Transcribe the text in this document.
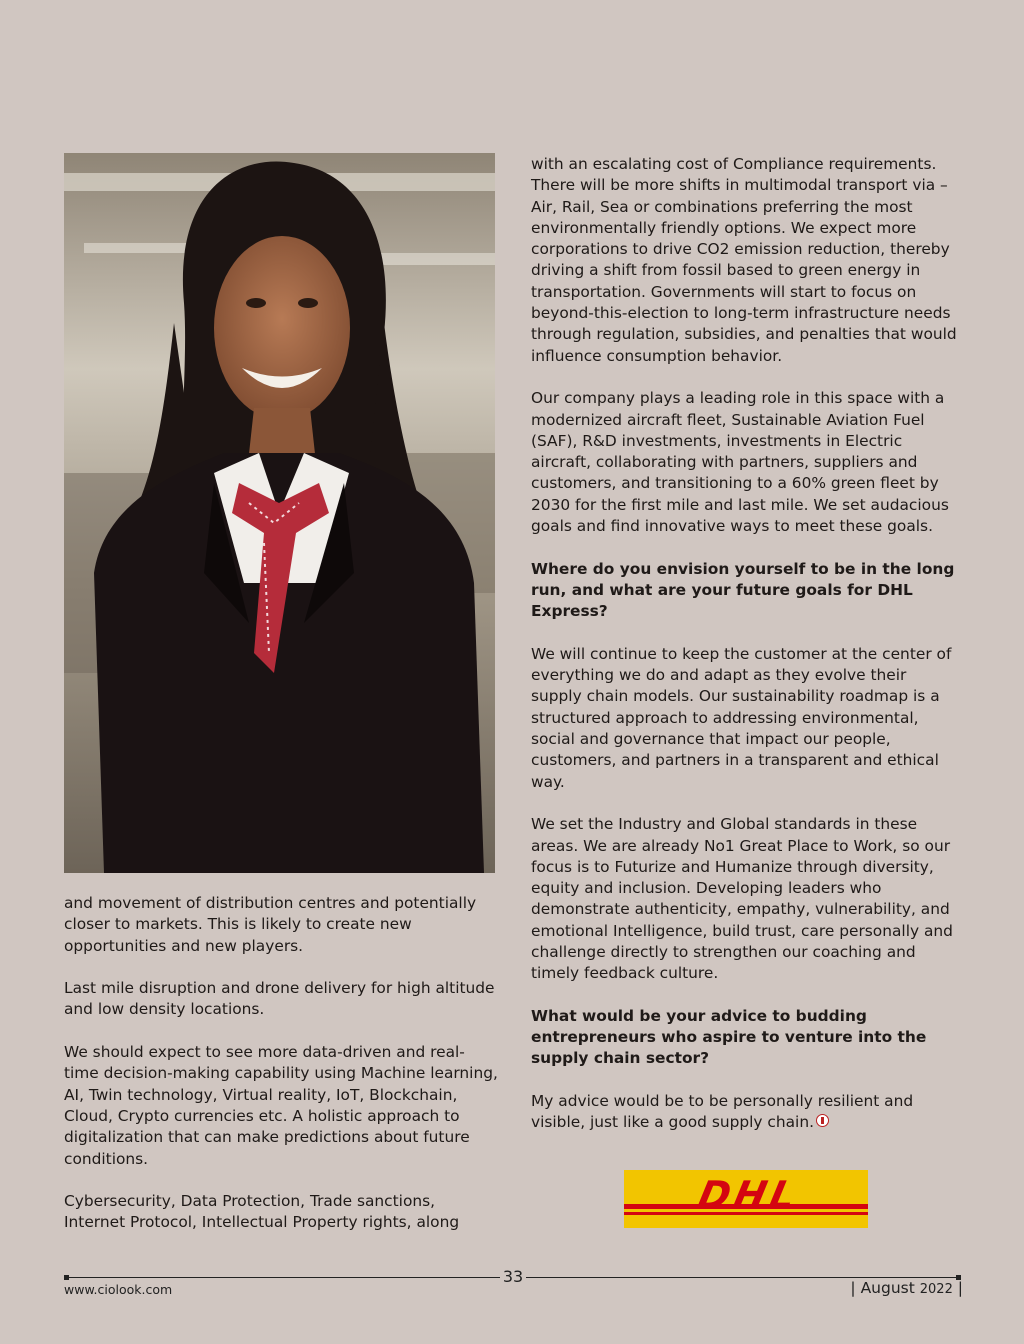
and movement of distribution centres and potentially closer to markets. This is likely to create new opportunities and new players.

Last mile disruption and drone delivery for high altitude and low density locations.

We should expect to see more data-driven and real-time decision-making capability using Machine learning, AI, Twin technology, Virtual reality, IoT, Blockchain, Cloud, Crypto currencies etc. A holistic approach to digitalization that can make predictions about future conditions.

Cybersecurity, Data Protection, Trade sanctions, Internet Protocol, Intellectual Property rights, along

with an escalating cost of Compliance requirements. There will be more shifts in multimodal transport via – Air, Rail, Sea or combinations preferring the most environmentally friendly options. We expect more corporations to drive CO2 emission reduction, thereby driving a shift from fossil based to green energy in transportation. Governments will start to focus on beyond-this-election to long-term infrastructure needs through regulation, subsidies, and penalties that would influence consumption behavior.

Our company plays a leading role in this space with a modernized aircraft fleet, Sustainable Aviation Fuel (SAF), R&D investments, investments in Electric aircraft, collaborating with partners, suppliers and customers, and transitioning to a 60% green fleet by 2030 for the first mile and last mile. We set audacious goals and find innovative ways to meet these goals.

Where do you envision yourself to be in the long run, and what are your future goals for DHL Express?

We will continue to keep the customer at the center of everything we do and adapt as they evolve their supply chain models. Our sustainability roadmap is a structured approach to addressing environmental, social and governance that impact our people, customers, and partners in a transparent and ethical way.

We set the Industry and Global standards in these areas. We are already No1 Great Place to Work, so our focus is to Futurize and Humanize through diversity, equity and inclusion. Developing leaders who demonstrate authenticity, empathy, vulnerability, and emotional Intelligence, build trust, care personally and challenge directly to strengthen our coaching and timely feedback culture.

What would be your advice to budding entrepreneurs who aspire to venture into the supply chain sector?

My advice would be to be personally resilient and visible, just like a good supply chain.

DHL
33
www.ciolook.com	| August 2022 |
